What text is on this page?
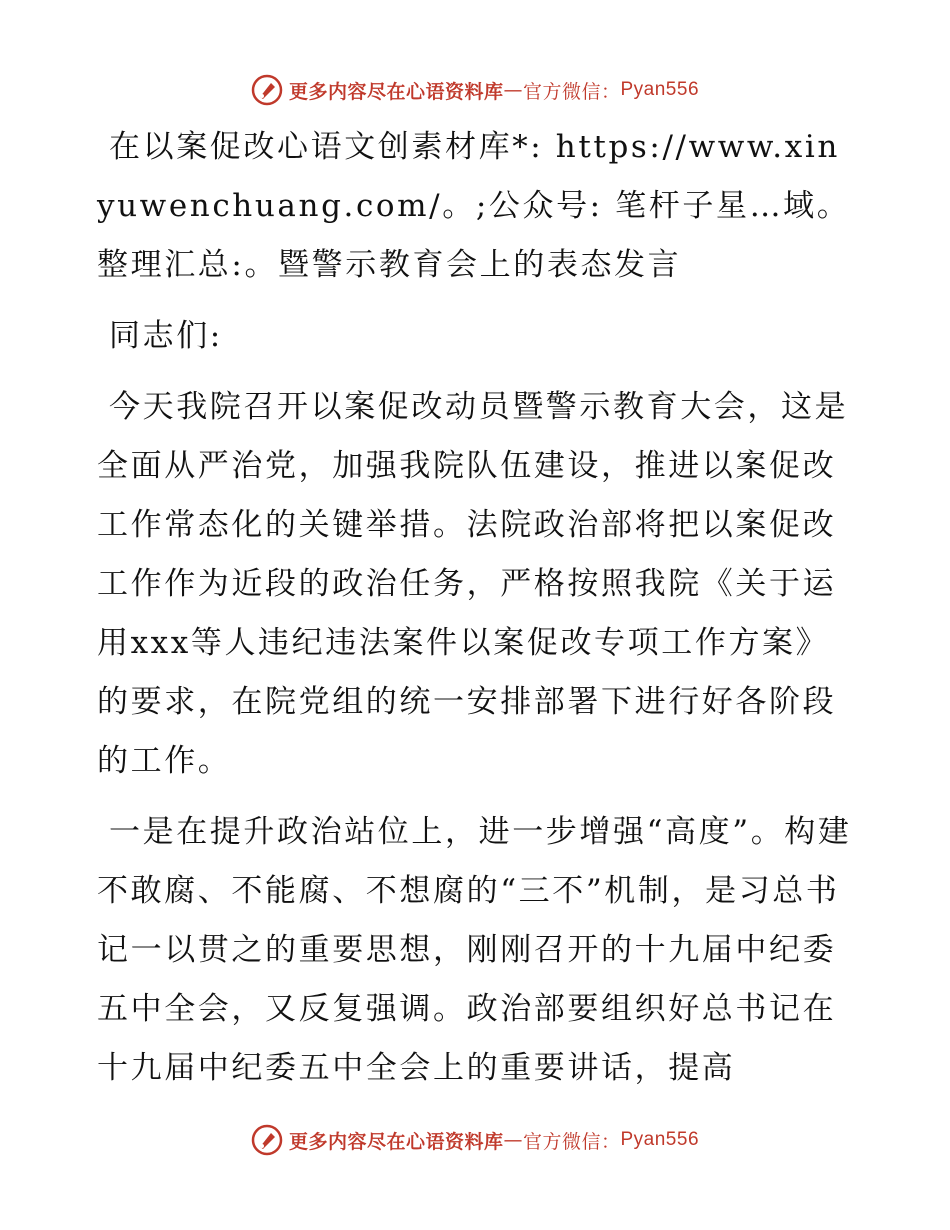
更多内容尽在心语资料库 — 官方微信： Pyan556

在以案促改心语文创素材库*: https://www.xinyuwenchuang.com/。;公众号: 笔杆子星…域。整理汇总:。暨警示教育会上的表态发言

同志们:

今天我院召开以案促改动员暨警示教育大会，这是全面从严治党，加强我院队伍建设，推进以案促改工作常态化的关键举措。法院政治部将把以案促改工作作为近段的政治任务，严格按照我院《关于运用xxx等人违纪违法案件以案促改专项工作方案》的要求，在院党组的统一安排部署下进行好各阶段的工作。

一是在提升政治站位上，进一步增强“高度”。构建不敢腐、不能腐、不想腐的“三不”机制，是习总书记一以贯之的重要思想，刚刚召开的十九届中纪委五中全会，又反复强调。政治部要组织好总书记在十九届中纪委五中全会上的重要讲话，提高

更多内容尽在心语资料库 — 官方微信： Pyan556
